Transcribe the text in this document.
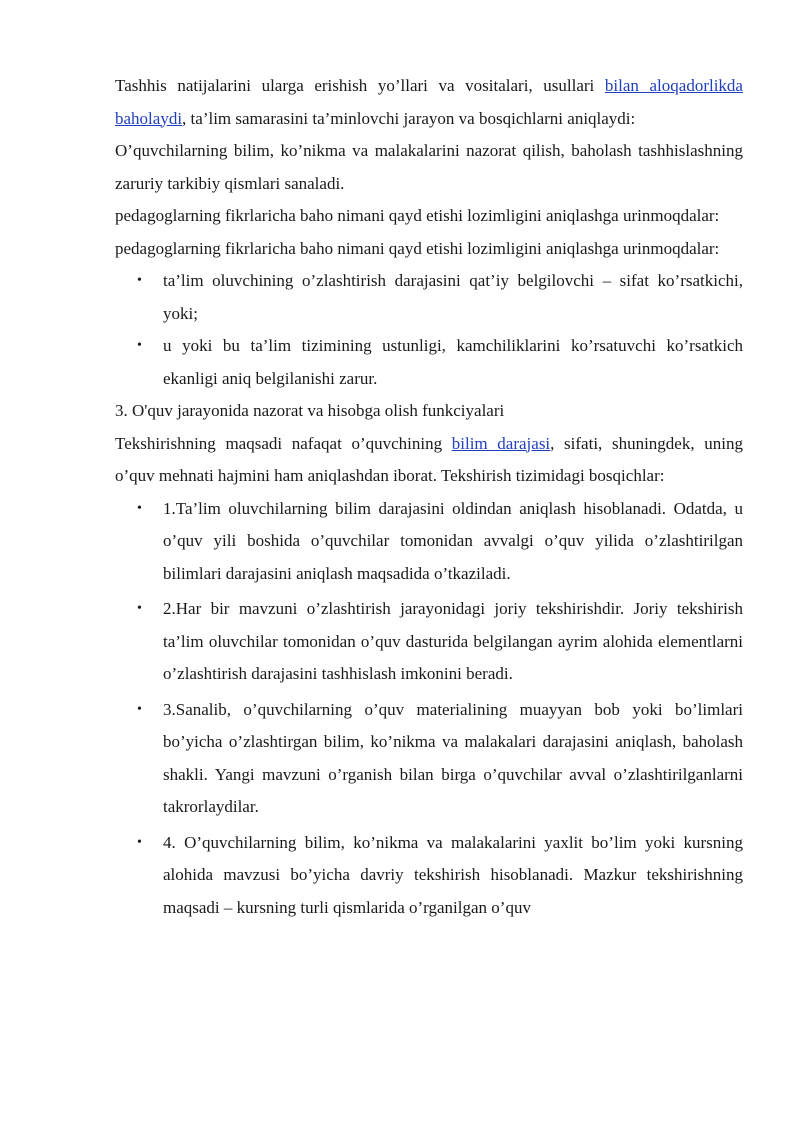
Tashhis natijalarini ularga erishish yo’llari va vositalari, usullari bilan aloqadorlikda baholaydi, ta’lim samarasini ta’minlovchi jarayon va bosqichlarni aniqlaydi:

O’quvchilarning bilim, ko’nikma va malakalarini nazorat qilish, baholash tashhislashning zaruriy tarkibiy qismlari sanaladi.

pedagoglarning fikrlaricha baho nimani qayd etishi lozimligini aniqlashga urinmoqdalar:

pedagoglarning fikrlaricha baho nimani qayd etishi lozimligini aniqlashga urinmoqdalar:

• ta’lim oluvchining o’zlashtirish darajasini qat’iy belgilovchi – sifat ko’rsatkichi, yoki;
• u yoki bu ta’lim tizimining ustunligi, kamchiliklarini ko’rsatuvchi ko’rsatkich ekanligi aniq belgilanishi zarur.

3. O'quv jarayonida nazorat va hisobga olish funkciyalari

Tekshirishning maqsadi nafaqat o’quvchining bilim darajasi, sifati, shuningdek, uning o’quv mehnati hajmini ham aniqlashdan iborat. Tekshirish tizimidagi bosqichlar:

• 1.Ta’lim oluvchilarning bilim darajasini oldindan aniqlash hisoblanadi. Odatda, u o’quv yili boshida o’quvchilar tomonidan avvalgi o’quv yilida o’zlashtirilgan bilimlari darajasini aniqlash maqsadida o’tkaziladi.
• 2.Har bir mavzuni o’zlashtirish jarayonidagi joriy tekshirishdir. Joriy tekshirish ta’lim oluvchilar tomonidan o’quv dasturida belgilangan ayrim alohida elementlarni o’zlashtirish darajasini tashhislash imkonini beradi.
• 3.Sanalib, o’quvchilarning o’quv materialining muayyan bob yoki bo’limlari bo’yicha o’zlashtirgan bilim, ko’nikma va malakalari darajasini aniqlash, baholash shakli. Yangi mavzuni o’rganish bilan birga o’quvchilar avval o’zlashtirilganlarni takrorlaydilar.
• 4. O’quvchilarning bilim, ko’nikma va malakalarini yaxlit bo’lim yoki kursning alohida mavzusi bo’yicha davriy tekshirish hisoblanadi. Mazkur tekshirishning maqsadi – kursning turli qismlarida o’rganilgan o’quv
